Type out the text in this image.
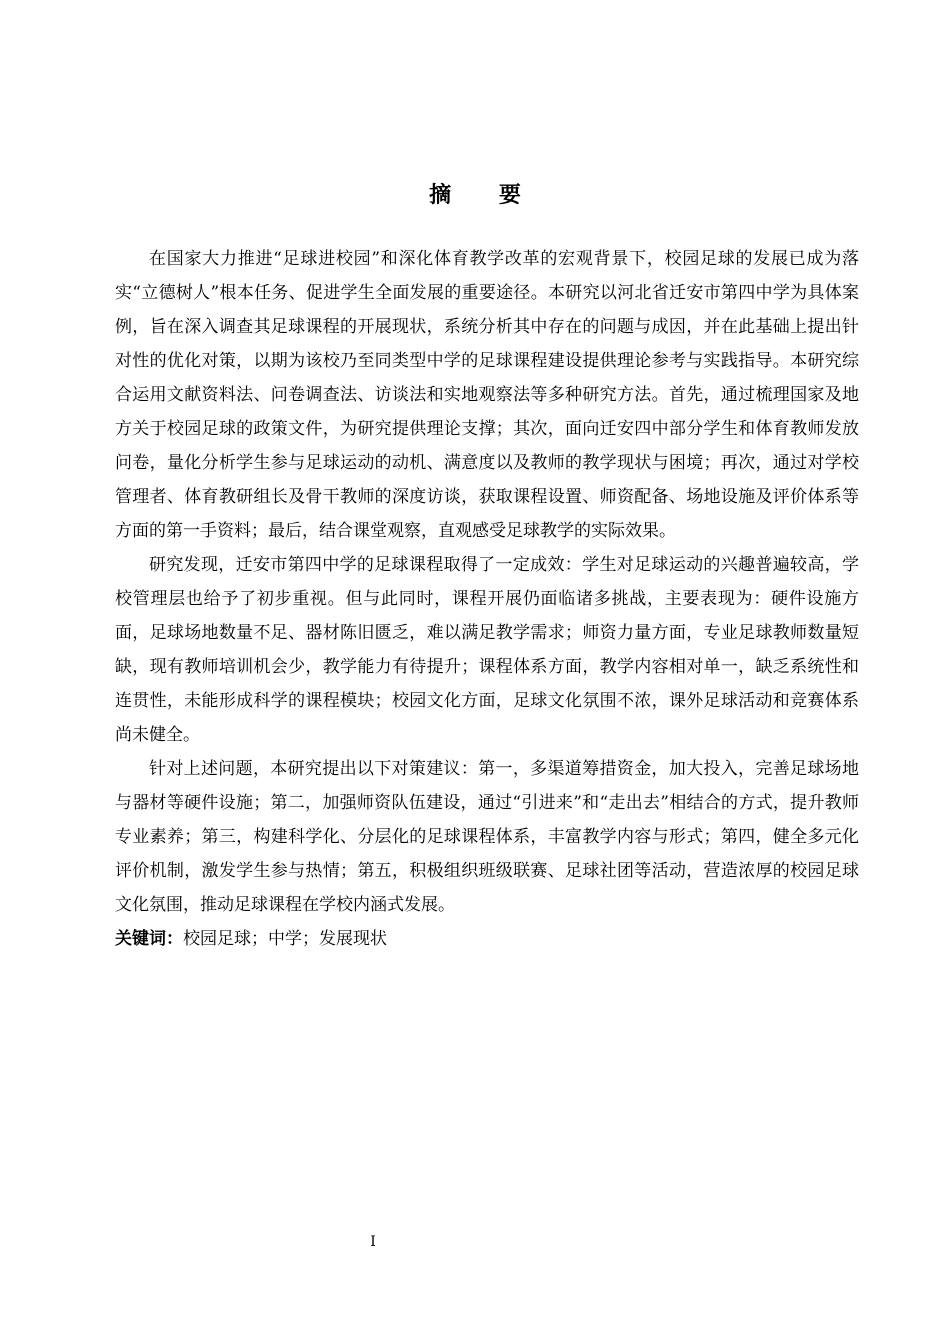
摘 要

在国家大力推进“足球进校园”和深化体育教学改革的宏观背景下，校园足球的发展已成为落实“立德树人”根本任务、促进学生全面发展的重要途径。本研究以河北省迁安市第四中学为具体案例，旨在深入调查其足球课程的开展现状，系统分析其中存在的问题与成因，并在此基础上提出针对性的优化对策，以期为该校乃至同类型中学的足球课程建设提供理论参考与实践指导。本研究综合运用文献资料法、问卷调查法、访谈法和实地观察法等多种研究方法。首先，通过梳理国家及地方关于校园足球的政策文件，为研究提供理论支撑；其次，面向迁安四中部分学生和体育教师发放问卷，量化分析学生参与足球运动的动机、满意度以及教师的教学现状与困境；再次，通过对学校管理者、体育教研组长及骨干教师的深度访谈，获取课程设置、师资配备、场地设施及评价体系等方面的第一手资料；最后，结合课堂观察，直观感受足球教学的实际效果。

研究发现，迁安市第四中学的足球课程取得了一定成效：学生对足球运动的兴趣普遍较高，学校管理层也给予了初步重视。但与此同时，课程开展仍面临诸多挑战，主要表现为：硬件设施方面，足球场地数量不足、器材陈旧匮乏，难以满足教学需求；师资力量方面，专业足球教师数量短缺，现有教师培训机会少，教学能力有待提升；课程体系方面，教学内容相对单一，缺乏系统性和连贯性，未能形成科学的课程模块；校园文化方面，足球文化氛围不浓，课外足球活动和竞赛体系尚未健全。

针对上述问题，本研究提出以下对策建议：第一，多渠道筹措资金，加大投入，完善足球场地与器材等硬件设施；第二，加强师资队伍建设，通过“引进来”和“走出去”相结合的方式，提升教师专业素养；第三，构建科学化、分层化的足球课程体系，丰富教学内容与形式；第四，健全多元化评价机制，激发学生参与热情；第五，积极组织班级联赛、足球社团等活动，营造浓厚的校园足球文化氛围，推动足球课程在学校内涵式发展。

关键词：校园足球；中学；发展现状

I
